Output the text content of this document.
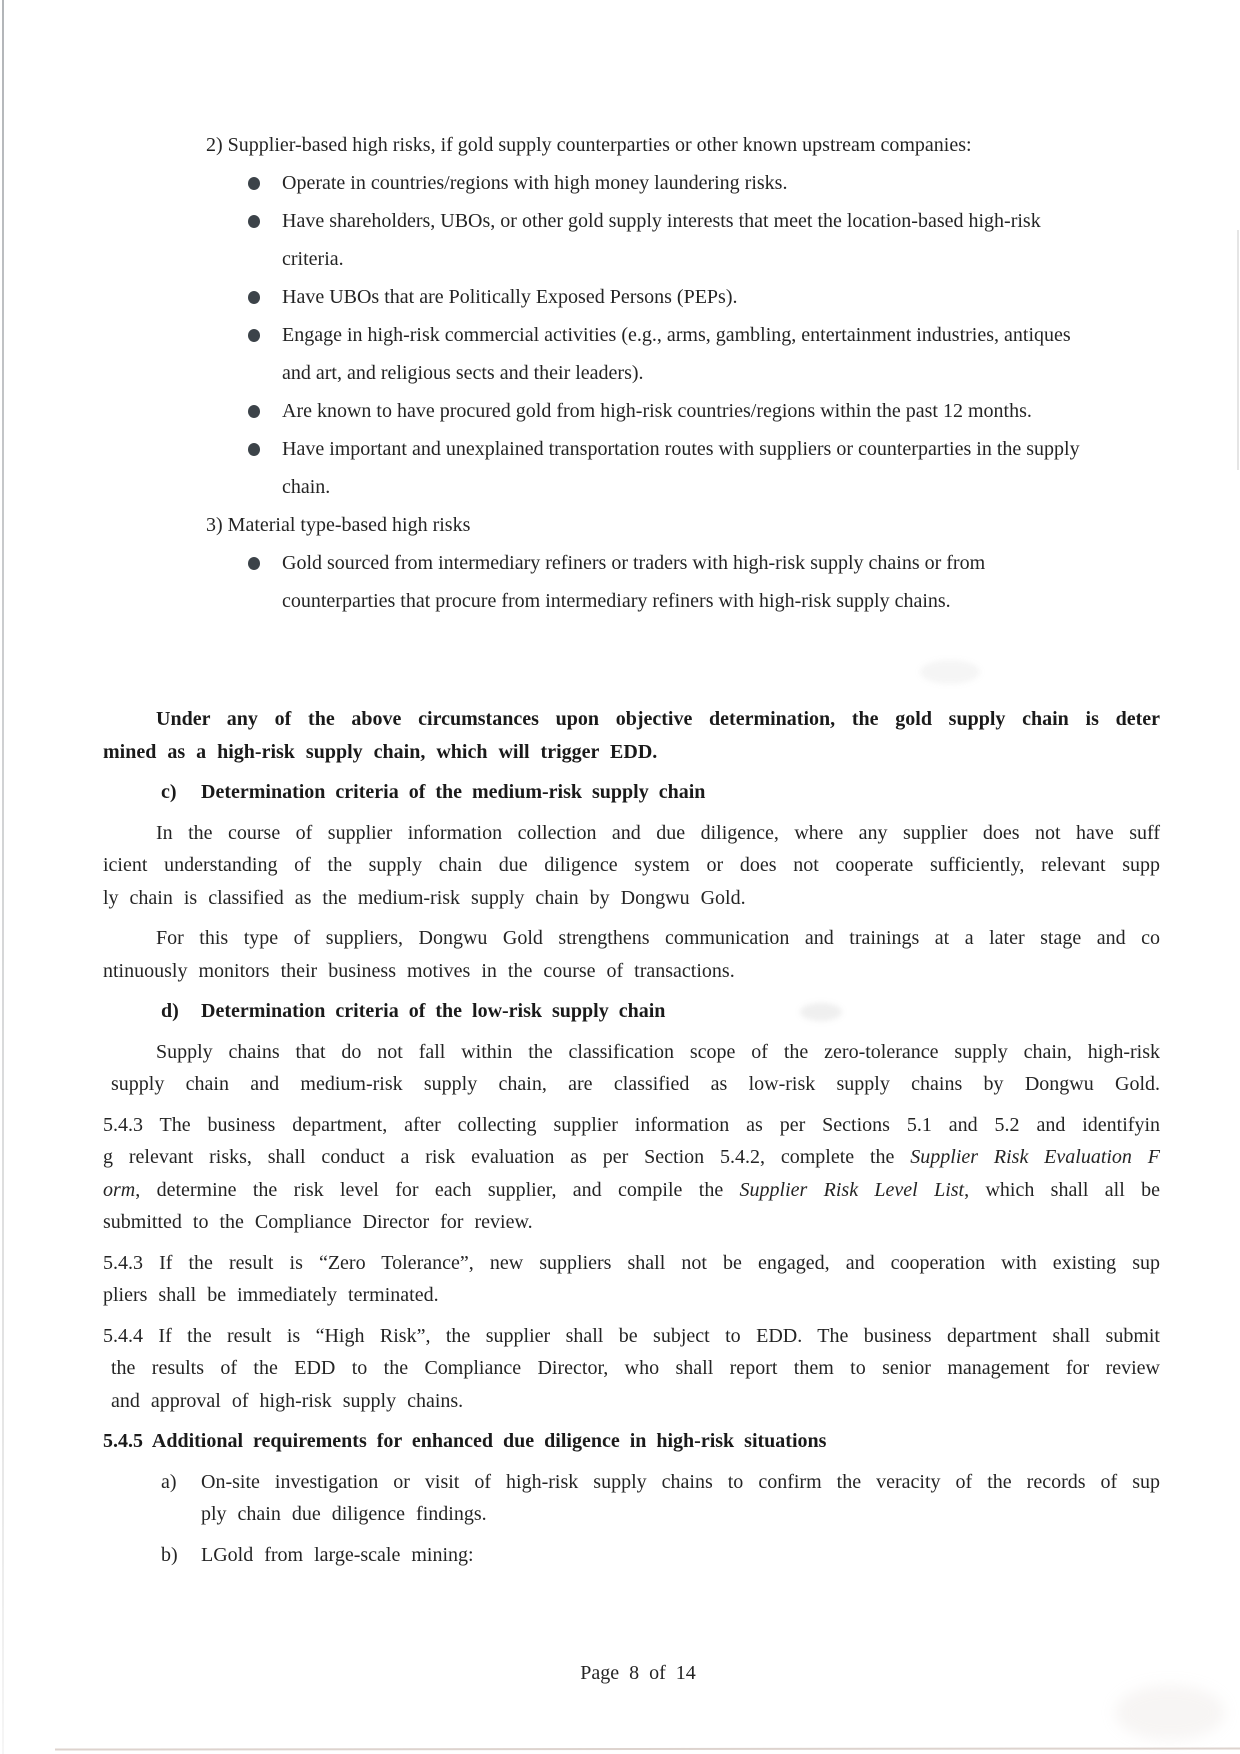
2) Supplier-based high risks, if gold supply counterparties or other known upstream companies:
Operate in countries/regions with high money laundering risks.
Have shareholders, UBOs, or other gold supply interests that meet the location-based high-risk
criteria.
Have UBOs that are Politically Exposed Persons (PEPs).
Engage in high-risk commercial activities (e.g., arms, gambling, entertainment industries, antiques
and art, and religious sects and their leaders).
Are known to have procured gold from high-risk countries/regions within the past 12 months.
Have important and unexplained transportation routes with suppliers or counterparties in the supply
chain.
3) Material type-based high risks
Gold sourced from intermediary refiners or traders with high-risk supply chains or from
counterparties that procure from intermediary refiners with high-risk supply chains.
Under any of the above circumstances upon objective determination, the gold supply chain is deter
mined as a high-risk supply chain, which will trigger EDD.
c) Determination criteria of the medium-risk supply chain
In the course of supplier information collection and due diligence, where any supplier does not have suff
icient understanding of the supply chain due diligence system or does not cooperate sufficiently, relevant supp
ly chain is classified as the medium-risk supply chain by Dongwu Gold.
For this type of suppliers, Dongwu Gold strengthens communication and trainings at a later stage and co
ntinuously monitors their business motives in the course of transactions.
d) Determination criteria of the low-risk supply chain
Supply chains that do not fall within the classification scope of the zero-tolerance supply chain, high-risk
supply chain and medium-risk supply chain, are classified as low-risk supply chains by Dongwu Gold.
5.4.3 The business department, after collecting supplier information as per Sections 5.1 and 5.2 and identifyin
g relevant risks, shall conduct a risk evaluation as per Section 5.4.2, complete the Supplier Risk Evaluation F
orm, determine the risk level for each supplier, and compile the Supplier Risk Level List, which shall all be
submitted to the Compliance Director for review.
5.4.3 If the result is “Zero Tolerance”, new suppliers shall not be engaged, and cooperation with existing sup
pliers shall be immediately terminated.
5.4.4 If the result is “High Risk”, the supplier shall be subject to EDD. The business department shall submit
the results of the EDD to the Compliance Director, who shall report them to senior management for review
and approval of high-risk supply chains.
5.4.5 Additional requirements for enhanced due diligence in high-risk situations
a) On-site investigation or visit of high-risk supply chains to confirm the veracity of the records of sup
ply chain due diligence findings.
b) LGold from large-scale mining:
Page 8 of 14
